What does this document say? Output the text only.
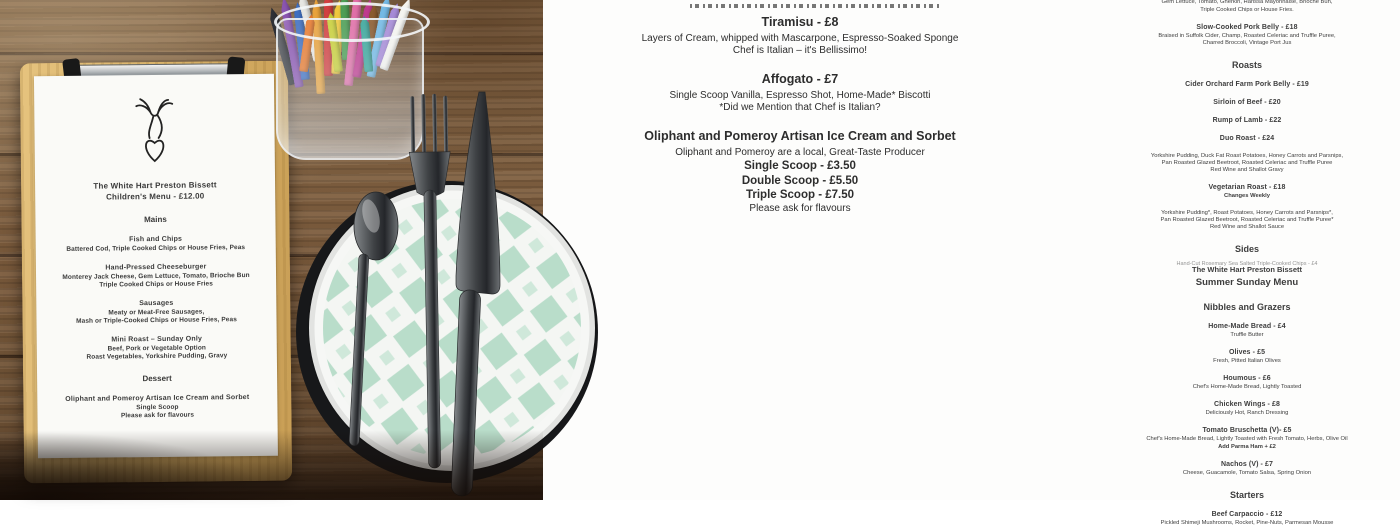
The White Hart Preston Bissett
Children's Menu - £12.00
Mains
Fish and Chips
Battered Cod, Triple Cooked Chips or House Fries, Peas
Hand-Pressed Cheeseburger
Monterey Jack Cheese, Gem Lettuce, Tomato, Brioche Bun
Triple Cooked Chips or House Fries
Sausages
Meaty or Meat-Free Sausages,
Mash or Triple-Cooked Chips or House Fries, Peas
Mini Roast – Sunday Only
Beef, Pork or Vegetable Option
Roast Vegetables, Yorkshire Pudding, Gravy
Dessert
Oliphant and Pomeroy Artisan Ice Cream and Sorbet
Single Scoop
Please ask for flavours
Tiramisu - £8
Layers of Cream, whipped with Mascarpone, Espresso-Soaked Sponge
Chef is Italian – it's Bellissimo!
Affogato - £7
Single Scoop Vanilla, Espresso Shot, Home-Made* Biscotti
*Did we Mention that Chef is Italian?
Oliphant and Pomeroy Artisan Ice Cream and Sorbet
Oliphant and Pomeroy are a local, Great-Taste Producer
Single Scoop - £3.50
Double Scoop - £5.50
Triple Scoop - £7.50
Please ask for flavours
Gem Lettuce, Tomato, Gherkin, Harissa Mayonnaise, Brioche Bun,
Triple Cooked Chips or House Fries.
Slow-Cooked Pork Belly - £18
Braised in Suffolk Cider, Champ, Roasted Celeriac and Truffle Puree,
Charred Broccoli, Vintage Port Jus
Roasts
Cider Orchard Farm Pork Belly - £19
Sirloin of Beef - £20
Rump of Lamb - £22
Duo Roast - £24
Yorkshire Pudding, Duck Fat Roast Potatoes, Honey Carrots and Parsnips,
Pan Roasted Glazed Beetroot, Roasted Celeriac and Truffle Puree
Red Wine and Shallot Gravy
Vegetarian Roast - £18
Changes Weekly
Yorkshire Pudding*, Roast Potatoes, Honey Carrots and Parsnips*,
Pan Roasted Glazed Beetroot, Roasted Celeriac and Truffle Puree*
Red Wine and Shallot Sauce
Sides
Hand-Cut Rosemary Sea Salted Triple-Cooked Chips - £4
The White Hart Preston Bissett
Summer Sunday Menu
Nibbles and Grazers
Home-Made Bread - £4
Truffle Butter
Olives - £5
Fresh, Pitted Italian Olives
Houmous - £6
Chef's Home-Made Bread, Lightly Toasted
Chicken Wings - £8
Deliciously Hot, Ranch Dressing
Tomato Bruschetta (V)- £5
Chef's Home-Made Bread, Lightly Toasted with Fresh Tomato, Herbs, Olive Oil
Add Parma Ham + £2
Nachos (V) - £7
Cheese, Guacamole, Tomato Salsa, Spring Onion
Starters
Beef Carpaccio - £12
Pickled Shimeji Mushrooms, Rocket, Pine-Nuts, Parmesan Mousse
